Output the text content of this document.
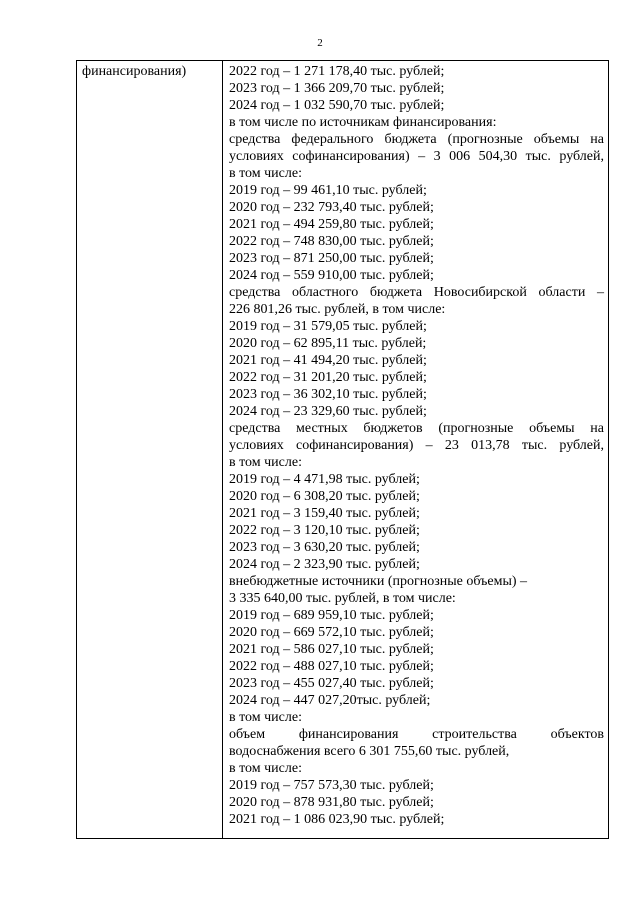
2
финансирования)	2022 год – 1 271 178,40 тыс. рублей;
2023 год – 1 366 209,70 тыс. рублей;
2024 год – 1 032 590,70 тыс. рублей;
в том числе по источникам финансирования:
средства федерального бюджета (прогнозные объемы на
условиях софинансирования) – 3 006 504,30 тыс. рублей,
в том числе:
2019 год – 99 461,10 тыс. рублей;
2020 год – 232 793,40 тыс. рублей;
2021 год – 494 259,80 тыс. рублей;
2022 год – 748 830,00 тыс. рублей;
2023 год – 871 250,00 тыс. рублей;
2024 год – 559 910,00 тыс. рублей;
средства областного бюджета Новосибирской области –
226 801,26 тыс. рублей, в том числе:
2019 год – 31 579,05 тыс. рублей;
2020 год – 62 895,11 тыс. рублей;
2021 год – 41 494,20 тыс. рублей;
2022 год – 31 201,20 тыс. рублей;
2023 год – 36 302,10 тыс. рублей;
2024 год – 23 329,60 тыс. рублей;
средства местных бюджетов (прогнозные объемы на
условиях софинансирования) – 23 013,78 тыс. рублей,
в том числе:
2019 год – 4 471,98 тыс. рублей;
2020 год – 6 308,20 тыс. рублей;
2021 год – 3 159,40 тыс. рублей;
2022 год – 3 120,10 тыс. рублей;
2023 год – 3 630,20 тыс. рублей;
2024 год – 2 323,90 тыс. рублей;
внебюджетные источники (прогнозные объемы) –
3 335 640,00 тыс. рублей, в том числе:
2019 год – 689 959,10 тыс. рублей;
2020 год – 669 572,10 тыс. рублей;
2021 год – 586 027,10 тыс. рублей;
2022 год – 488 027,10 тыс. рублей;
2023 год – 455 027,40 тыс. рублей;
2024 год – 447 027,20тыс. рублей;
в том числе:
объем финансирования строительства объектов
водоснабжения всего 6 301 755,60 тыс. рублей,
в том числе:
2019 год – 757 573,30 тыс. рублей;
2020 год – 878 931,80 тыс. рублей;
2021 год – 1 086 023,90 тыс. рублей;
